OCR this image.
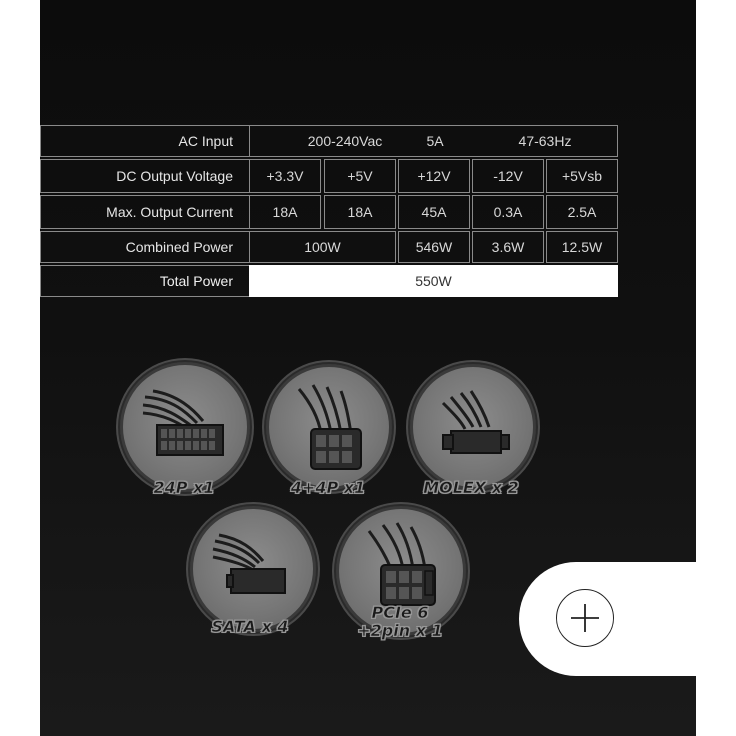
AC Input	200-240Vac	5A	47-63Hz
DC Output Voltage	+3.3V	+5V	+12V	-12V	+5Vsb
Max. Output Current	18A	18A	45A	0.3A	2.5A
Combined Power	100W	546W	3.6W	12.5W
Total Power	550W
24P x1	4+4P x1	MOLEX x 2
SATA x 4
PCIe 6
+2pin x 1
